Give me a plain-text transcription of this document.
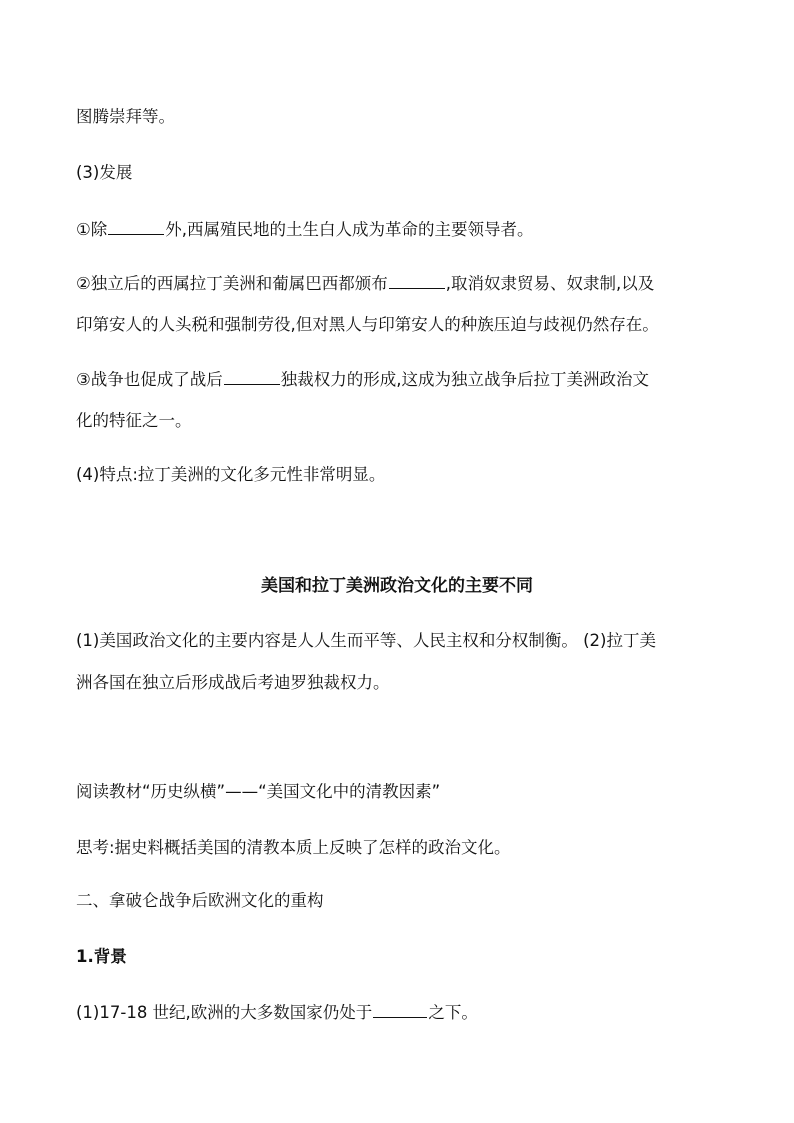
图腾崇拜等。
(3)发展
①除	外,西属殖民地的土生白人成为革命的主要领导者。
②独立后的西属拉丁美洲和葡属巴西都颁布	,取消奴隶贸易、奴隶制,以及
印第安人的人头税和强制劳役,但对黑人与印第安人的种族压迫与歧视仍然存在。
③战争也促成了战后	独裁权力的形成,这成为独立战争后拉丁美洲政治文
化的特征之一。
(4)特点:拉丁美洲的文化多元性非常明显。
美国和拉丁美洲政治文化的主要不同
(1)美国政治文化的主要内容是人人生而平等、人民主权和分权制衡。 (2)拉丁美
洲各国在独立后形成战后考迪罗独裁权力。
阅读教材“历史纵横”——“美国文化中的清教因素”
思考:据史料概括美国的清教本质上反映了怎样的政治文化。
二、拿破仑战争后欧洲文化的重构
1.背景
(1)17-18 世纪,欧洲的大多数国家仍处于	之下。
